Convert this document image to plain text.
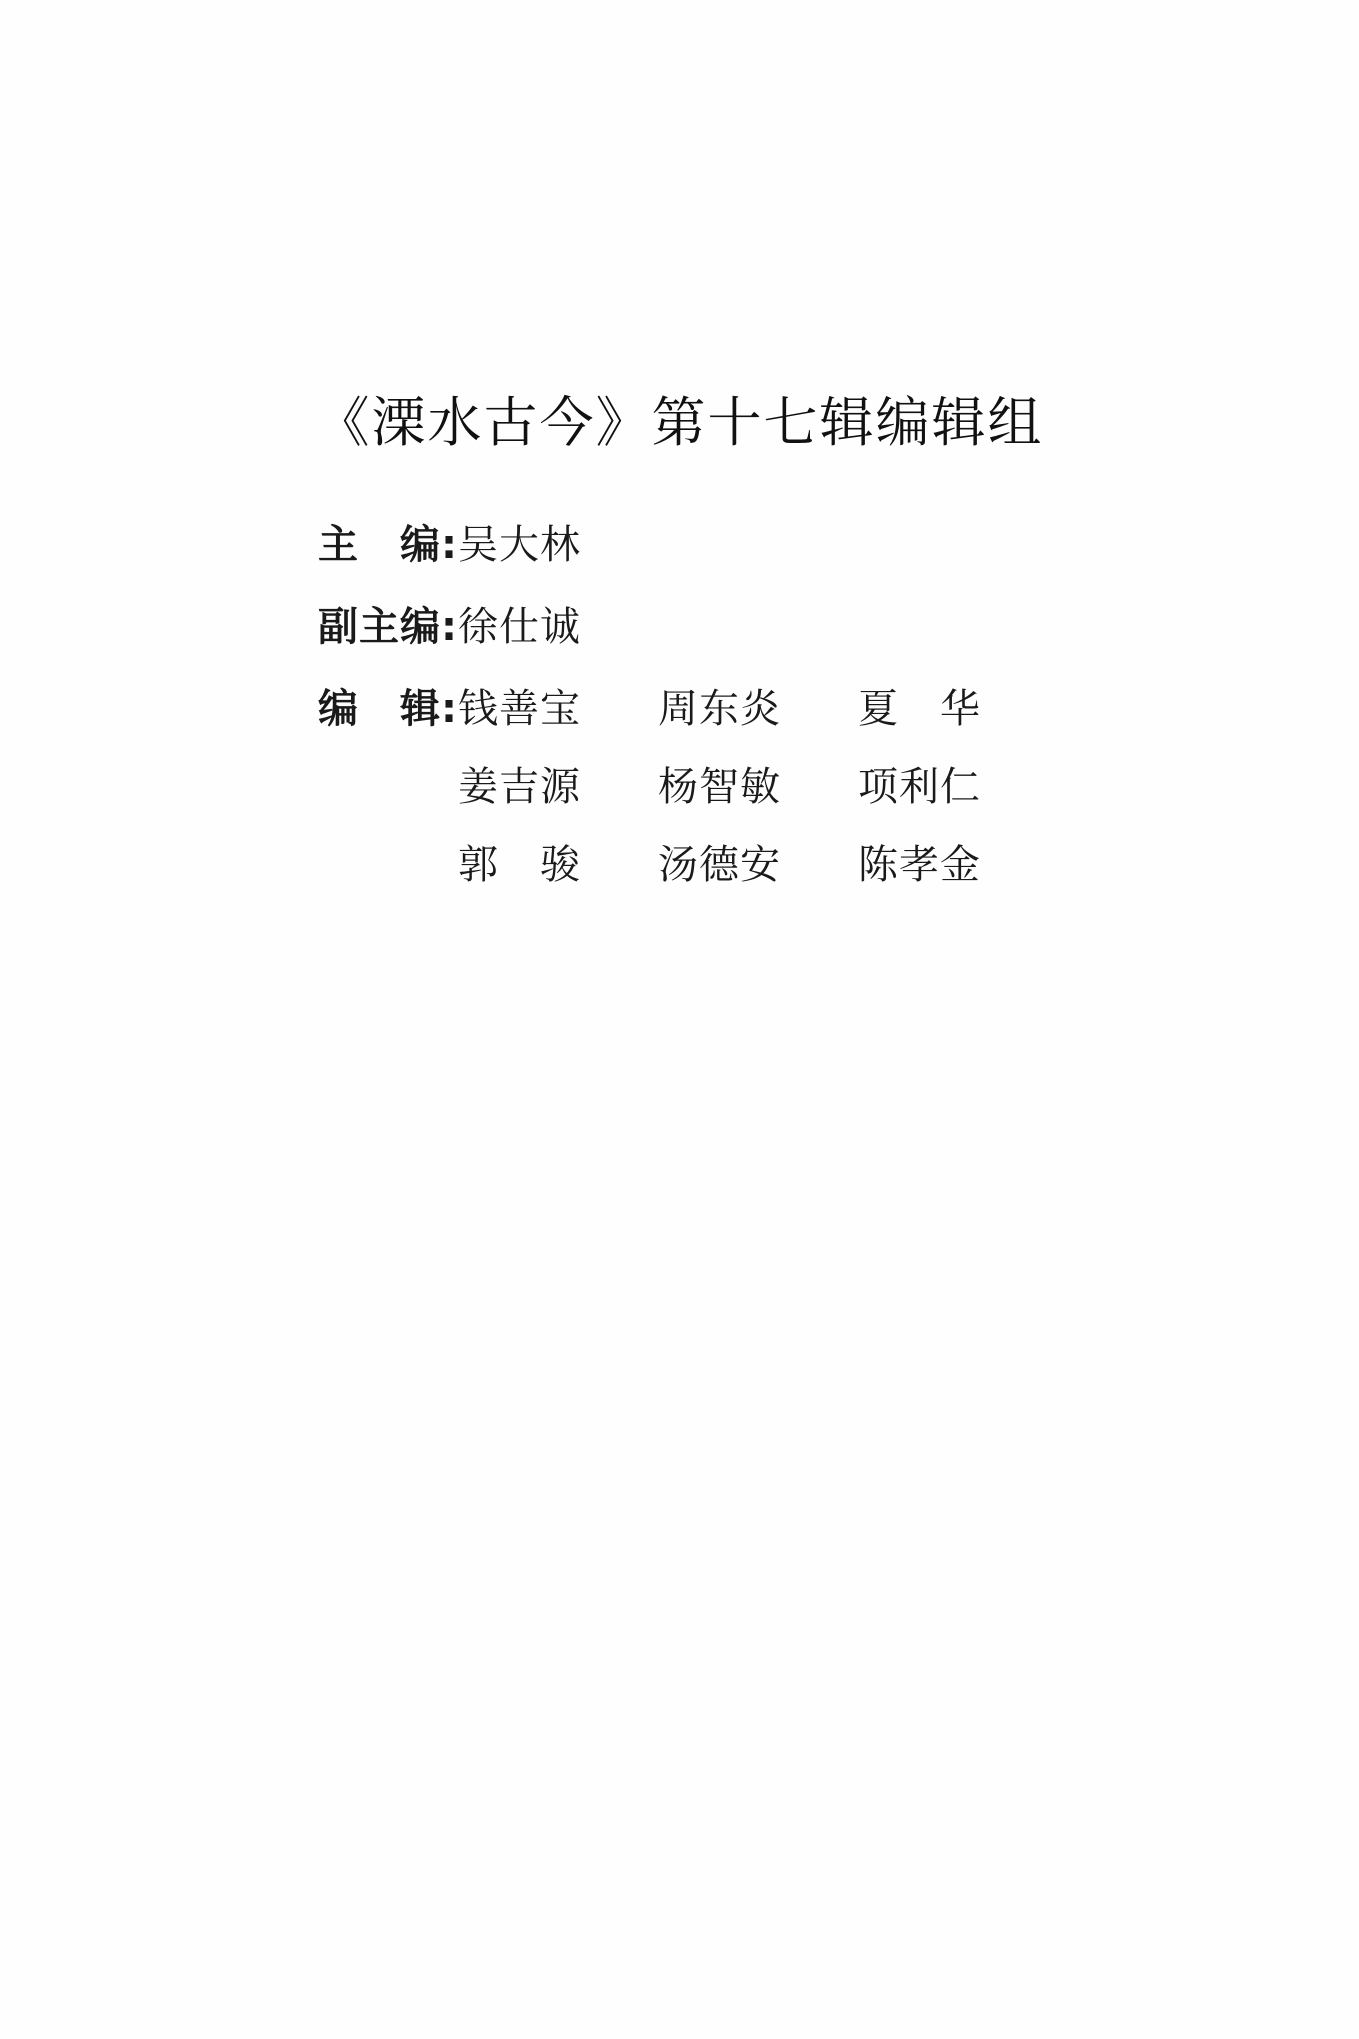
《溧水古今》第十七辑编辑组
主　编: 吴大林
副主编: 徐仕诚
编　辑: 钱善宝	周东炎	夏　华
姜吉源	杨智敏	项利仁
郭　骏	汤德安	陈孝金
